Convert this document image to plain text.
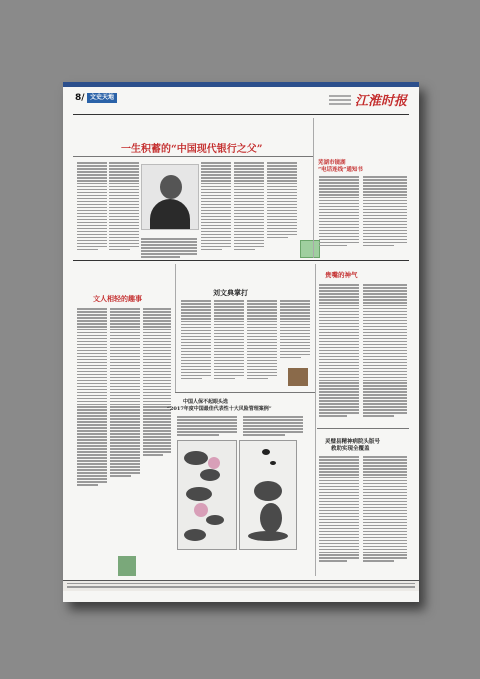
8/ 文史天地	江淮时报
一生积蓄的“中国现代银行之父”
芜湖市镜湖
“电话连线”通知书
文人相轻的趣事
刘文典掌打
中国人保不起眼头选
“2017年度中国最佳代表性十大风险管理案例”
贵嘴的神气
灵璧县精神病院头版号
救助实现全覆盖
